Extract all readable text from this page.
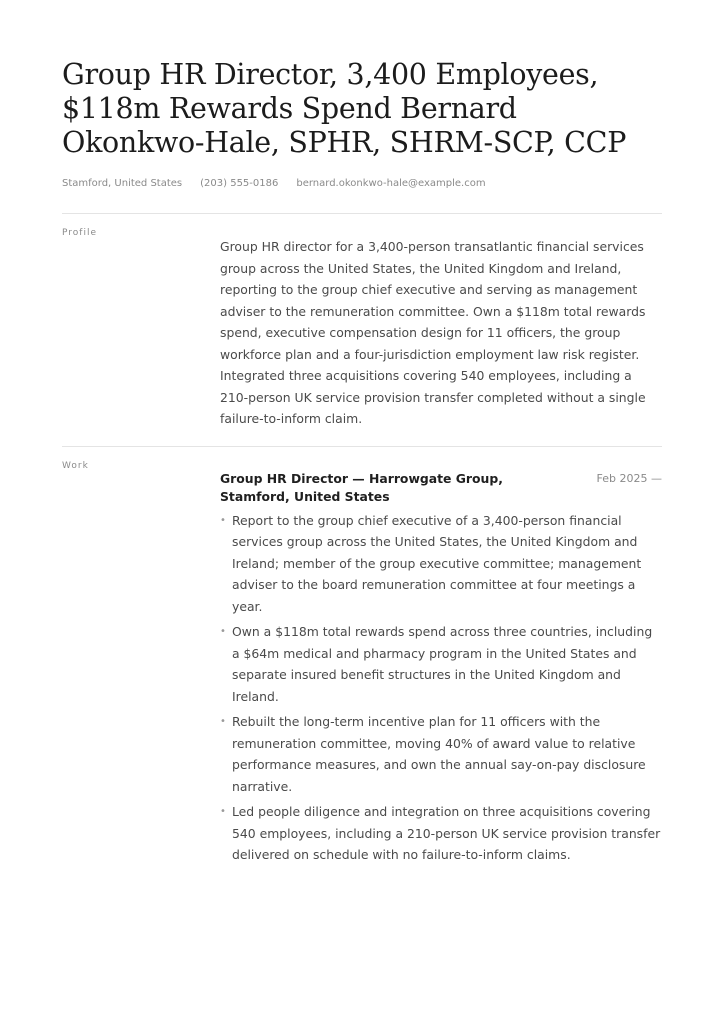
Group HR Director, 3,400 Employees, $118m Rewards Spend Bernard Okonkwo-Hale, SPHR, SHRM-SCP, CCP
Stamford, United States (203) 555-0186 bernard.okonkwo-hale@example.com
Profile

Group HR director for a 3,400-person transatlantic financial services group across the United States, the United Kingdom and Ireland, reporting to the group chief executive and serving as management adviser to the remuneration committee. Own a $118m total rewards spend, executive compensation design for 11 officers, the group workforce plan and a four-jurisdiction employment law risk register. Integrated three acquisitions covering 540 employees, including a 210-person UK service provision transfer completed without a single failure-to-inform claim.

Work
Group HR Director — Harrowgate Group, Stamford, United States
Feb 2025 —
• Report to the group chief executive of a 3,400-person financial services group across the United States, the United Kingdom and Ireland; member of the group executive committee; management adviser to the board remuneration committee at four meetings a year.
• Own a $118m total rewards spend across three countries, including a $64m medical and pharmacy program in the United States and separate insured benefit structures in the United Kingdom and Ireland.
• Rebuilt the long-term incentive plan for 11 officers with the remuneration committee, moving 40% of award value to relative performance measures, and own the annual say-on-pay disclosure narrative.
• Led people diligence and integration on three acquisitions covering 540 employees, including a 210-person UK service provision transfer delivered on schedule with no failure-to-inform claims.
